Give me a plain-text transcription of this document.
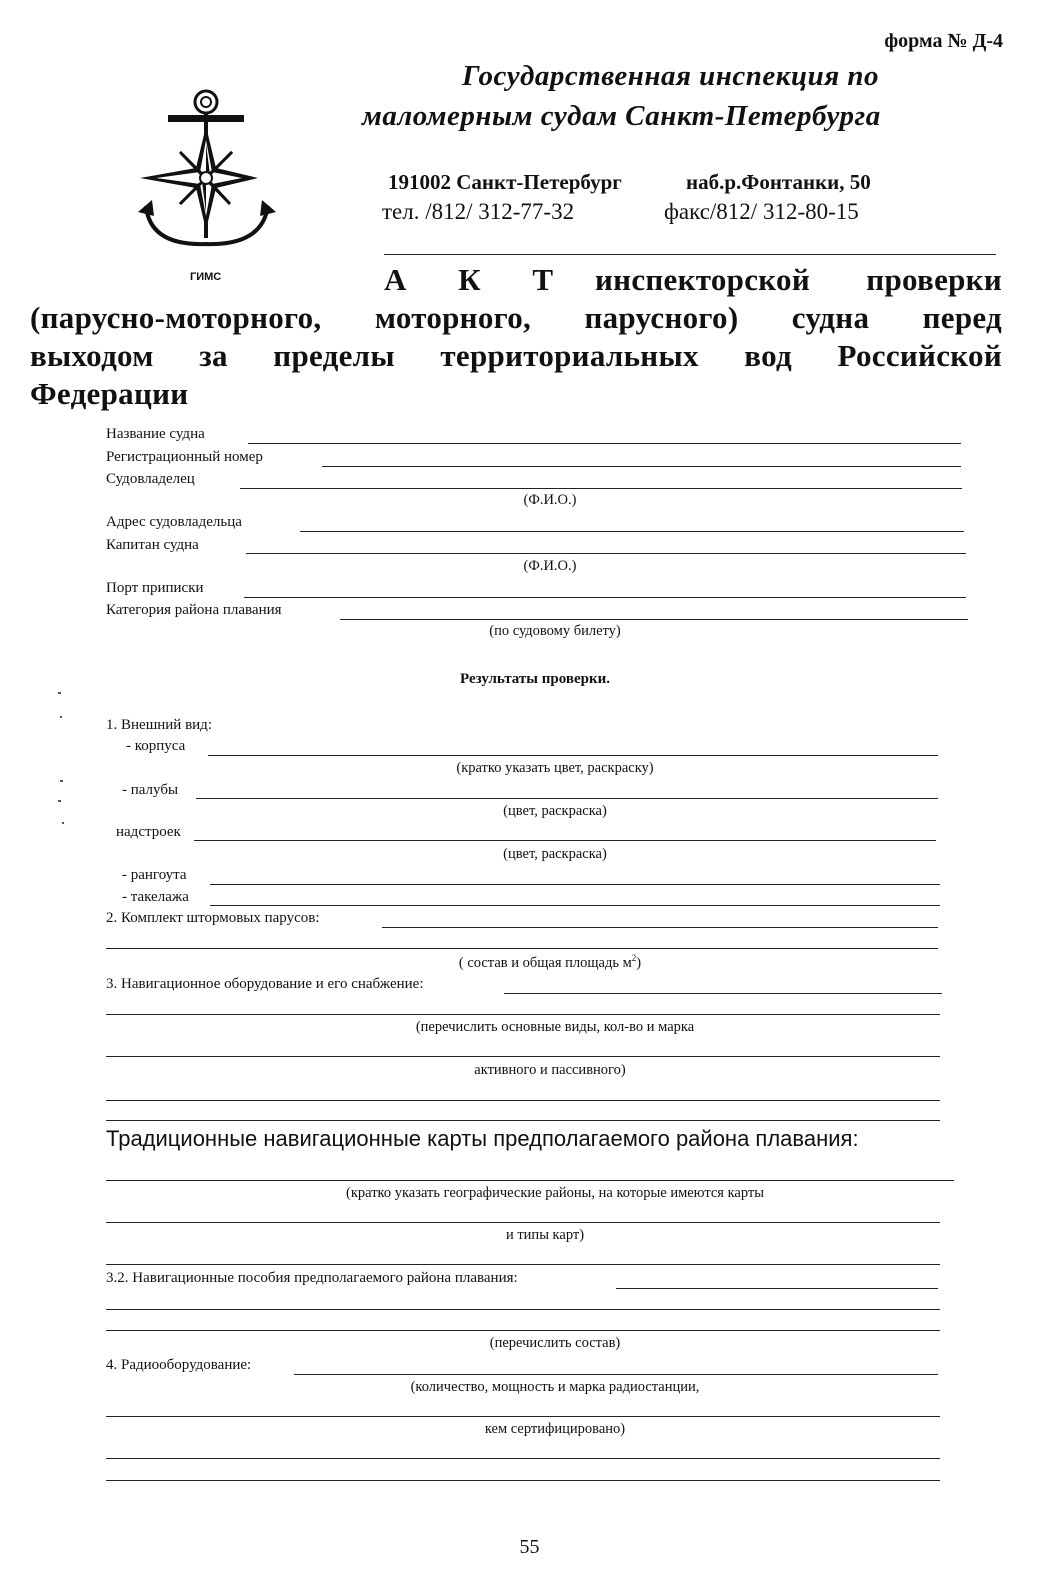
форма № Д-4
Государственная инспекция по
маломерным судам Санкт-Петербурга
ГИМС
191002 Санкт-Петербург	наб.р.Фонтанки, 50
тел. /812/ 312-77-32	факс/812/ 312-80-15
А К Т инспекторской проверки
(парусно-моторного, моторного, парусного) судна перед
выходом за пределы территориальных вод Российской
Федерации
Название судна
Регистрационный номер
Судовладелец
(Ф.И.О.)
Адрес судовладельца
Капитан судна
(Ф.И.О.)
Порт приписки
Категория района плавания
(по судовому билету)
Результаты проверки.
1. Внешний вид:
- корпуса
(кратко указать цвет, раскраску)
- палубы
(цвет, раскраска)
надстроек
(цвет, раскраска)
- рангоута
- такелажа
2. Комплект штормовых парусов:
( состав и общая площадь $м^2$)
3. Навигационное оборудование и его снабжение:
(перечислить основные виды, кол-во и марка
активного и пассивного)
Традиционные навигационные карты предполагаемого района плавания:
(кратко указать географические районы, на которые имеются карты
и типы карт)
3.2. Навигационные пособия предполагаемого района плавания:
(перечислить состав)
4. Радиооборудование:
(количество, мощность и марка радиостанции,
кем сертифицировано)
55
